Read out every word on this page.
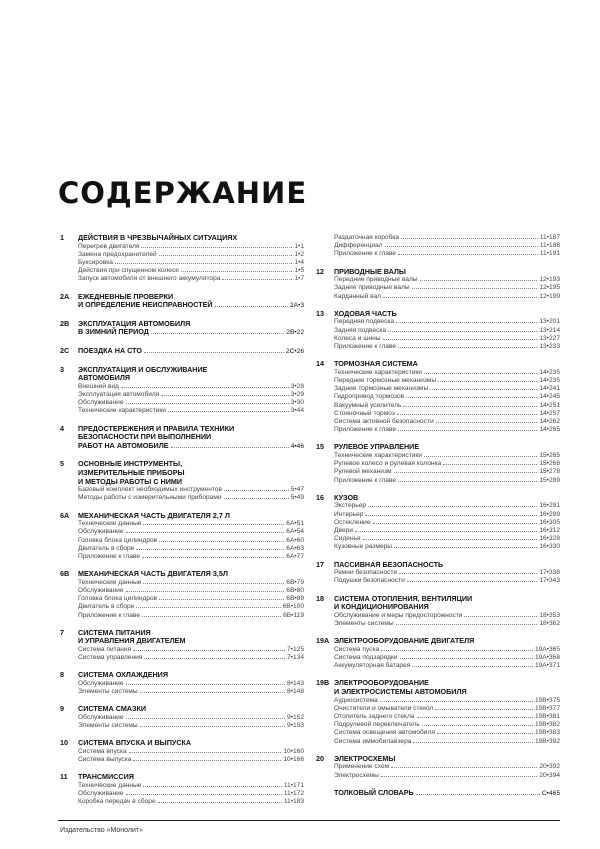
СОДЕРЖАНИЕ
1	ДЕЙСТВИЯ В ЧРЕЗВЫЧАЙНЫХ СИТУАЦИЯХ
Перегрев двигателя	1•1
Замена предохранителей	1•2
Буксировка	1•4
Действия при спущенном колесе	1•5
Запуск автомобиля от внешнего аккумулятора	1•7
2A	ЕЖЕДНЕВНЫЕ ПРОВЕРКИ
И ОПРЕДЕЛЕНИЕ НЕИСПРАВНОСТЕЙ	2A•3
2B	ЭКСПЛУАТАЦИЯ АВТОМОБИЛЯ
В ЗИМНИЙ ПЕРИОД	2B•22
2C	ПОЕЗДКА НА СТО	2C•26
3	ЭКСПЛУАТАЦИЯ И ОБСЛУЖИВАНИЕ
АВТОМОБИЛЯ
Внешний вид	3•28
Эксплуатация автомобиля	3•29
Обслуживание	3•30
Технические характеристики	3•44
4	ПРЕДОСТЕРЕЖЕНИЯ И ПРАВИЛА ТЕХНИКИ
БЕЗОПАСНОСТИ ПРИ ВЫПОЛНЕНИИ
РАБОТ НА АВТОМОБИЛЕ	4•46
5	ОСНОВНЫЕ ИНСТРУМЕНТЫ,
ИЗМЕРИТЕЛЬНЫЕ ПРИБОРЫ
И МЕТОДЫ РАБОТЫ С НИМИ
Базовый комплект необходимых инструментов	5•47
Методы работы с измерительными приборами	5•49
6A	МЕХАНИЧЕСКАЯ ЧАСТЬ ДВИГАТЕЛЯ 2,7 Л
Технические данные	6A•51
Обслуживание	6A•54
Головка блока цилиндров	6A•60
Двигатель в сборе	6A•63
Приложение к главе	6A•77
6B	МЕХАНИЧЕСКАЯ ЧАСТЬ ДВИГАТЕЛЯ 3,5Л
Технические данные	6B•79
Обслуживание	6B•80
Головка блока цилиндров	6B•89
Двигатель в сборе	6B•100
Приложение к главе	6B•119
7	СИСТЕМА ПИТАНИЯ
И УПРАВЛЕНИЯ ДВИГАТЕЛЕМ
Система питания	7•125
Система управления	7•134
8	СИСТЕМА ОХЛАЖДЕНИЯ
Обслуживание	8•143
Элементы системы	8•148
9	СИСТЕМА СМАЗКИ
Обслуживание	9•152
Элементы системы	9•153
10	СИСТЕМА ВПУСКА И ВЫПУСКА
Система впуска	10•160
Система выпуска	10•166
11	ТРАНСМИССИЯ
Технические данные	11•171
Обслуживание	11•172
Коробка передач в сборе	11•183
Раздаточная коробка	11•187
Дифференциал	11•188
Приложение к главе	11•191
12	ПРИВОДНЫЕ ВАЛЫ
Передние приводные валы	12•193
Задние приводные валы	12•195
Карданный вал	12•199
13	ХОДОВАЯ ЧАСТЬ
Передняя подвеска	13•201
Задняя подвеска	13•214
Колеса и шины	13•227
Приложение к главе	13•233
14	ТОРМОЗНАЯ СИСТЕМА
Технические характеристики	14•235
Передние тормозные механизмы	14•235
Задние тормозные механизмы	14•241
Гидропривод тормозов	14•245
Вакуумный усилитель	14•251
Стояночный тормоз	14•257
Система активной безопасности	14•262
Приложение к главе	14•265
15	РУЛЕВОЕ УПРАВЛЕНИЕ
Технические характеристики	15•265
Рулевое колесо и рулевая колонка	15•268
Рулевой механизм	15•278
Приложение к главе	15•289
16	КУЗОВ
Экстерьер	16•291
Интерьер	16•299
Остекление	16•305
Двери	16•312
Сиденья	16•328
Кузовные размеры	16•330
17	ПАССИВНАЯ БЕЗОПАСНОСТЬ
Ремни безопасности	17•338
Подушки безопасности	17•343
18	СИСТЕМА ОТОПЛЕНИЯ, ВЕНТИЛЯЦИИ
И КОНДИЦИОНИРОВАНИЯ
Обслуживание и меры предосторожности	18•353
Элементы системы	18•362
19A ЭЛЕКТРООБОРУДОВАНИЕ ДВИГАТЕЛЯ
Система пуска	19A•365
Система подзарядки	19A•368
Аккумуляторная батарея	19A•371
19B ЭЛЕКТРООБОРУДОВАНИЕ
И ЭЛЕКТРОСИСТЕМЫ АВТОМОБИЛЯ
Аудиосистема	19B•375
Очистители и омыватели стекол	19B•377
Отопитель заднего стекла	19B•381
Подрулевой переключатель	19B•382
Система освещения автомобиля	19B•383
Система иммобилайзера	19B•392
20	ЭЛЕКТРОСХЕМЫ
Применение схем	20•392
Электросхемы	20•394
ТОЛКОВЫЙ СЛОВАРЬ	С•465
Издательство «Монолит»
